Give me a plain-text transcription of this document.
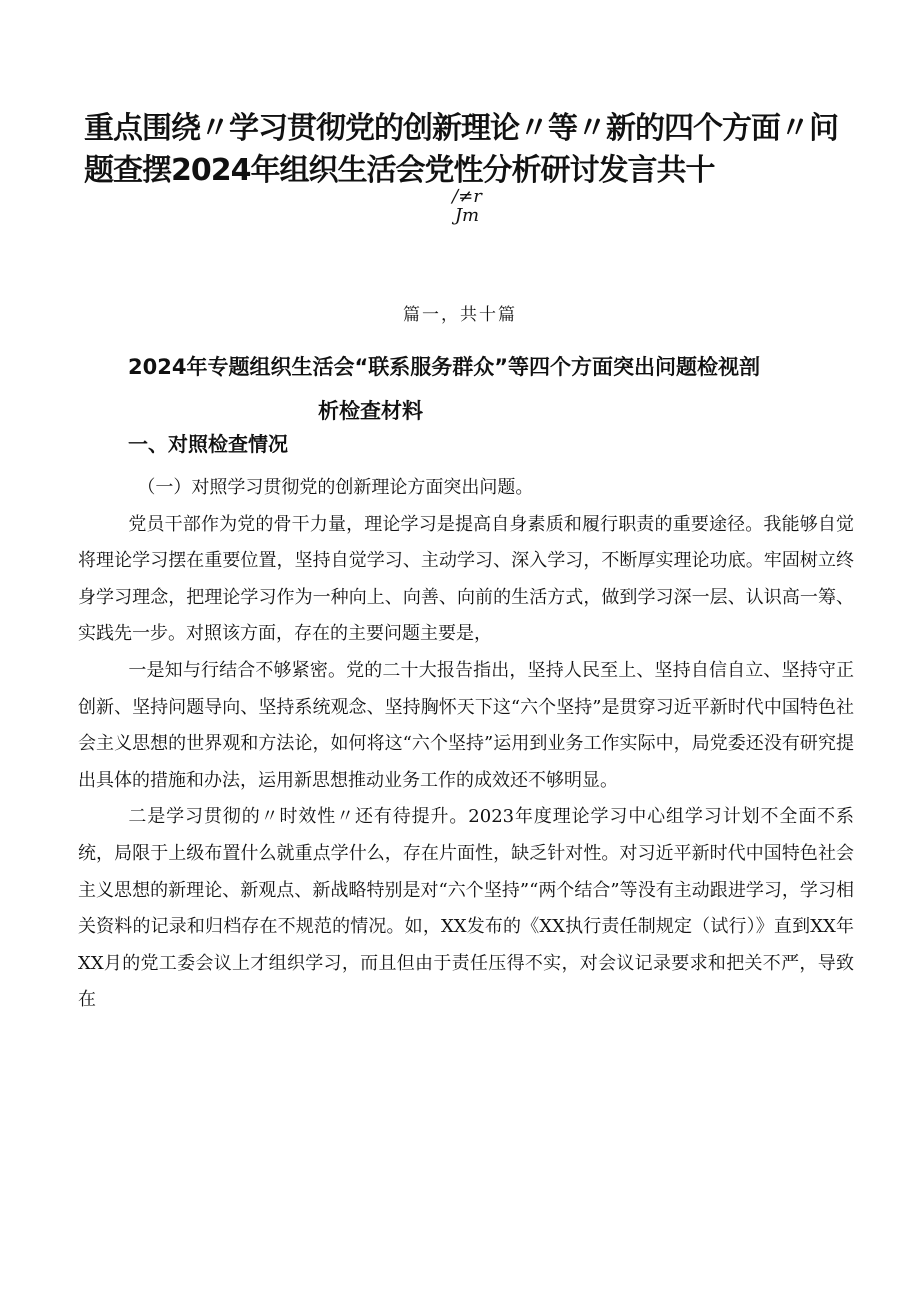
重点围绕〃学习贯彻党的创新理论〃等〃新的四个方面〃问题查摆2024年组织生活会党性分析研讨发言共十
∕≠r
Jm
篇一，共十篇
2024年专题组织生活会“联系服务群众”等四个方面突出问题检视剖
析检查材料
一、对照检查情况

（一）对照学习贯彻党的创新理论方面突出问题。

党员干部作为党的骨干力量，理论学习是提高自身素质和履行职责的重要途径。我能够自觉将理论学习摆在重要位置，坚持自觉学习、主动学习、深入学习，不断厚实理论功底。牢固树立终身学习理念，把理论学习作为一种向上、向善、向前的生活方式，做到学习深一层、认识高一筹、实践先一步。对照该方面，存在的主要问题主要是，

一是知与行结合不够紧密。党的二十大报告指出，坚持人民至上、坚持自信自立、坚持守正创新、坚持问题导向、坚持系统观念、坚持胸怀天下这“六个坚持”是贯穿习近平新时代中国特色社会主义思想的世界观和方法论，如何将这“六个坚持”运用到业务工作实际中，局党委还没有研究提出具体的措施和办法，运用新思想推动业务工作的成效还不够明显。

二是学习贯彻的〃时效性〃还有待提升。2023年度理论学习中心组学习计划不全面不系统，局限于上级布置什么就重点学什么，存在片面性，缺乏针对性。对习近平新时代中国特色社会主义思想的新理论、新观点、新战略特别是对“六个坚持”“两个结合”等没有主动跟进学习，学习相关资料的记录和归档存在不规范的情况。如，XX发布的《XX执行责任制规定（试行）》直到XX年XX月的党工委会议上才组织学习，而且但由于责任压得不实，对会议记录要求和把关不严，导致在
